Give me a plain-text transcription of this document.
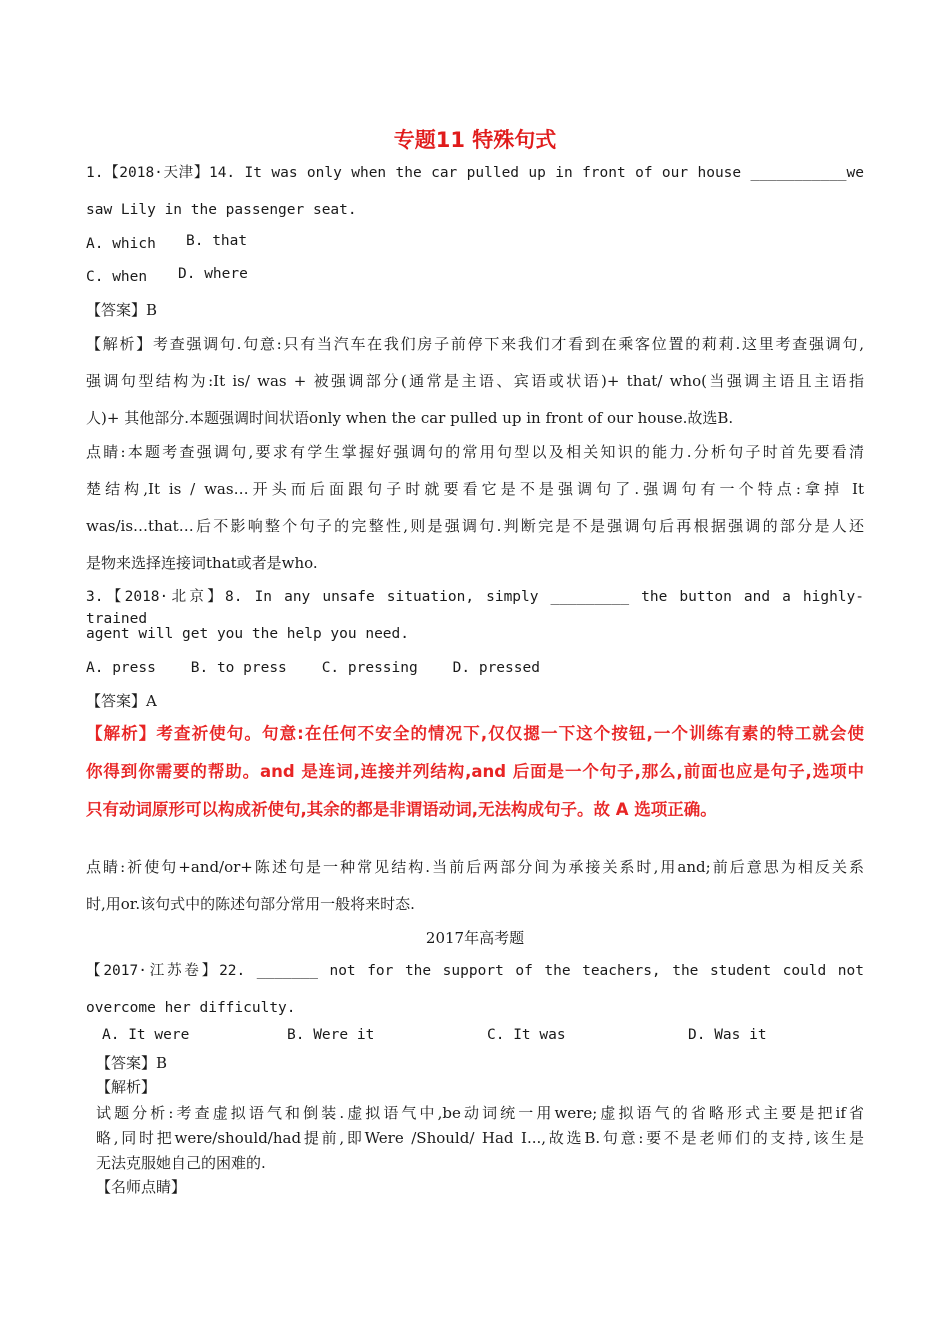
专题11 特殊句式
1.【2018·天津】14. It was only when the car pulled up in front of our house ___________we
saw Lily in the passenger seat.
A. which B. that
C. when D. where
【答案】B
【解析】考查强调句.句意:只有当汽车在我们房子前停下来我们才看到在乘客位置的莉莉.这里考查强调句,
强调句型结构为:It is/ was + 被强调部分(通常是主语、宾语或状语)+ that/ who(当强调主语且主语指
人)+ 其他部分.本题强调时间状语only when the car pulled up in front of our house.故选B.
点睛:本题考查强调句,要求有学生掌握好强调句的常用句型以及相关知识的能力.分析句子时首先要看清
楚结构,It is / was…开头而后面跟句子时就要看它是不是强调句了.强调句有一个特点:拿掉 It
was/is…that…后不影响整个句子的完整性,则是强调句.判断完是不是强调句后再根据强调的部分是人还
是物来选择连接词that或者是who.
3.【2018·北京】8. In any unsafe situation, simply _________ the button and a highly-trained
agent will get you the help you need.
A. press    B. to press    C. pressing    D. pressed
【答案】A
【解析】考查祈使句。句意:在任何不安全的情况下,仅仅摁一下这个按钮,一个训练有素的特工就会使
你得到你需要的帮助。and 是连词,连接并列结构,and 后面是一个句子,那么,前面也应是句子,选项中
只有动词原形可以构成祈使句,其余的都是非谓语动词,无法构成句子。故 A 选项正确。
点睛:祈使句+and/or+陈述句是一种常见结构.当前后两部分间为承接关系时,用and;前后意思为相反关系
时,用or.该句式中的陈述句部分常用一般将来时态.
2017年高考题
【2017·江苏卷】22. _______ not for the support of the teachers, the student could not
overcome her difficulty.
A. It were	B. Were it	C. It was	D. Was it
【答案】B
【解析】
试题分析:考查虚拟语气和倒装.虚拟语气中,be动词统一用were;虚拟语气的省略形式主要是把if省
略,同时把were/should/had提前,即Were /Should/ Had I...,故选B.句意:要不是老师们的支持,该生是
无法克服她自己的困难的.
【名师点睛】
